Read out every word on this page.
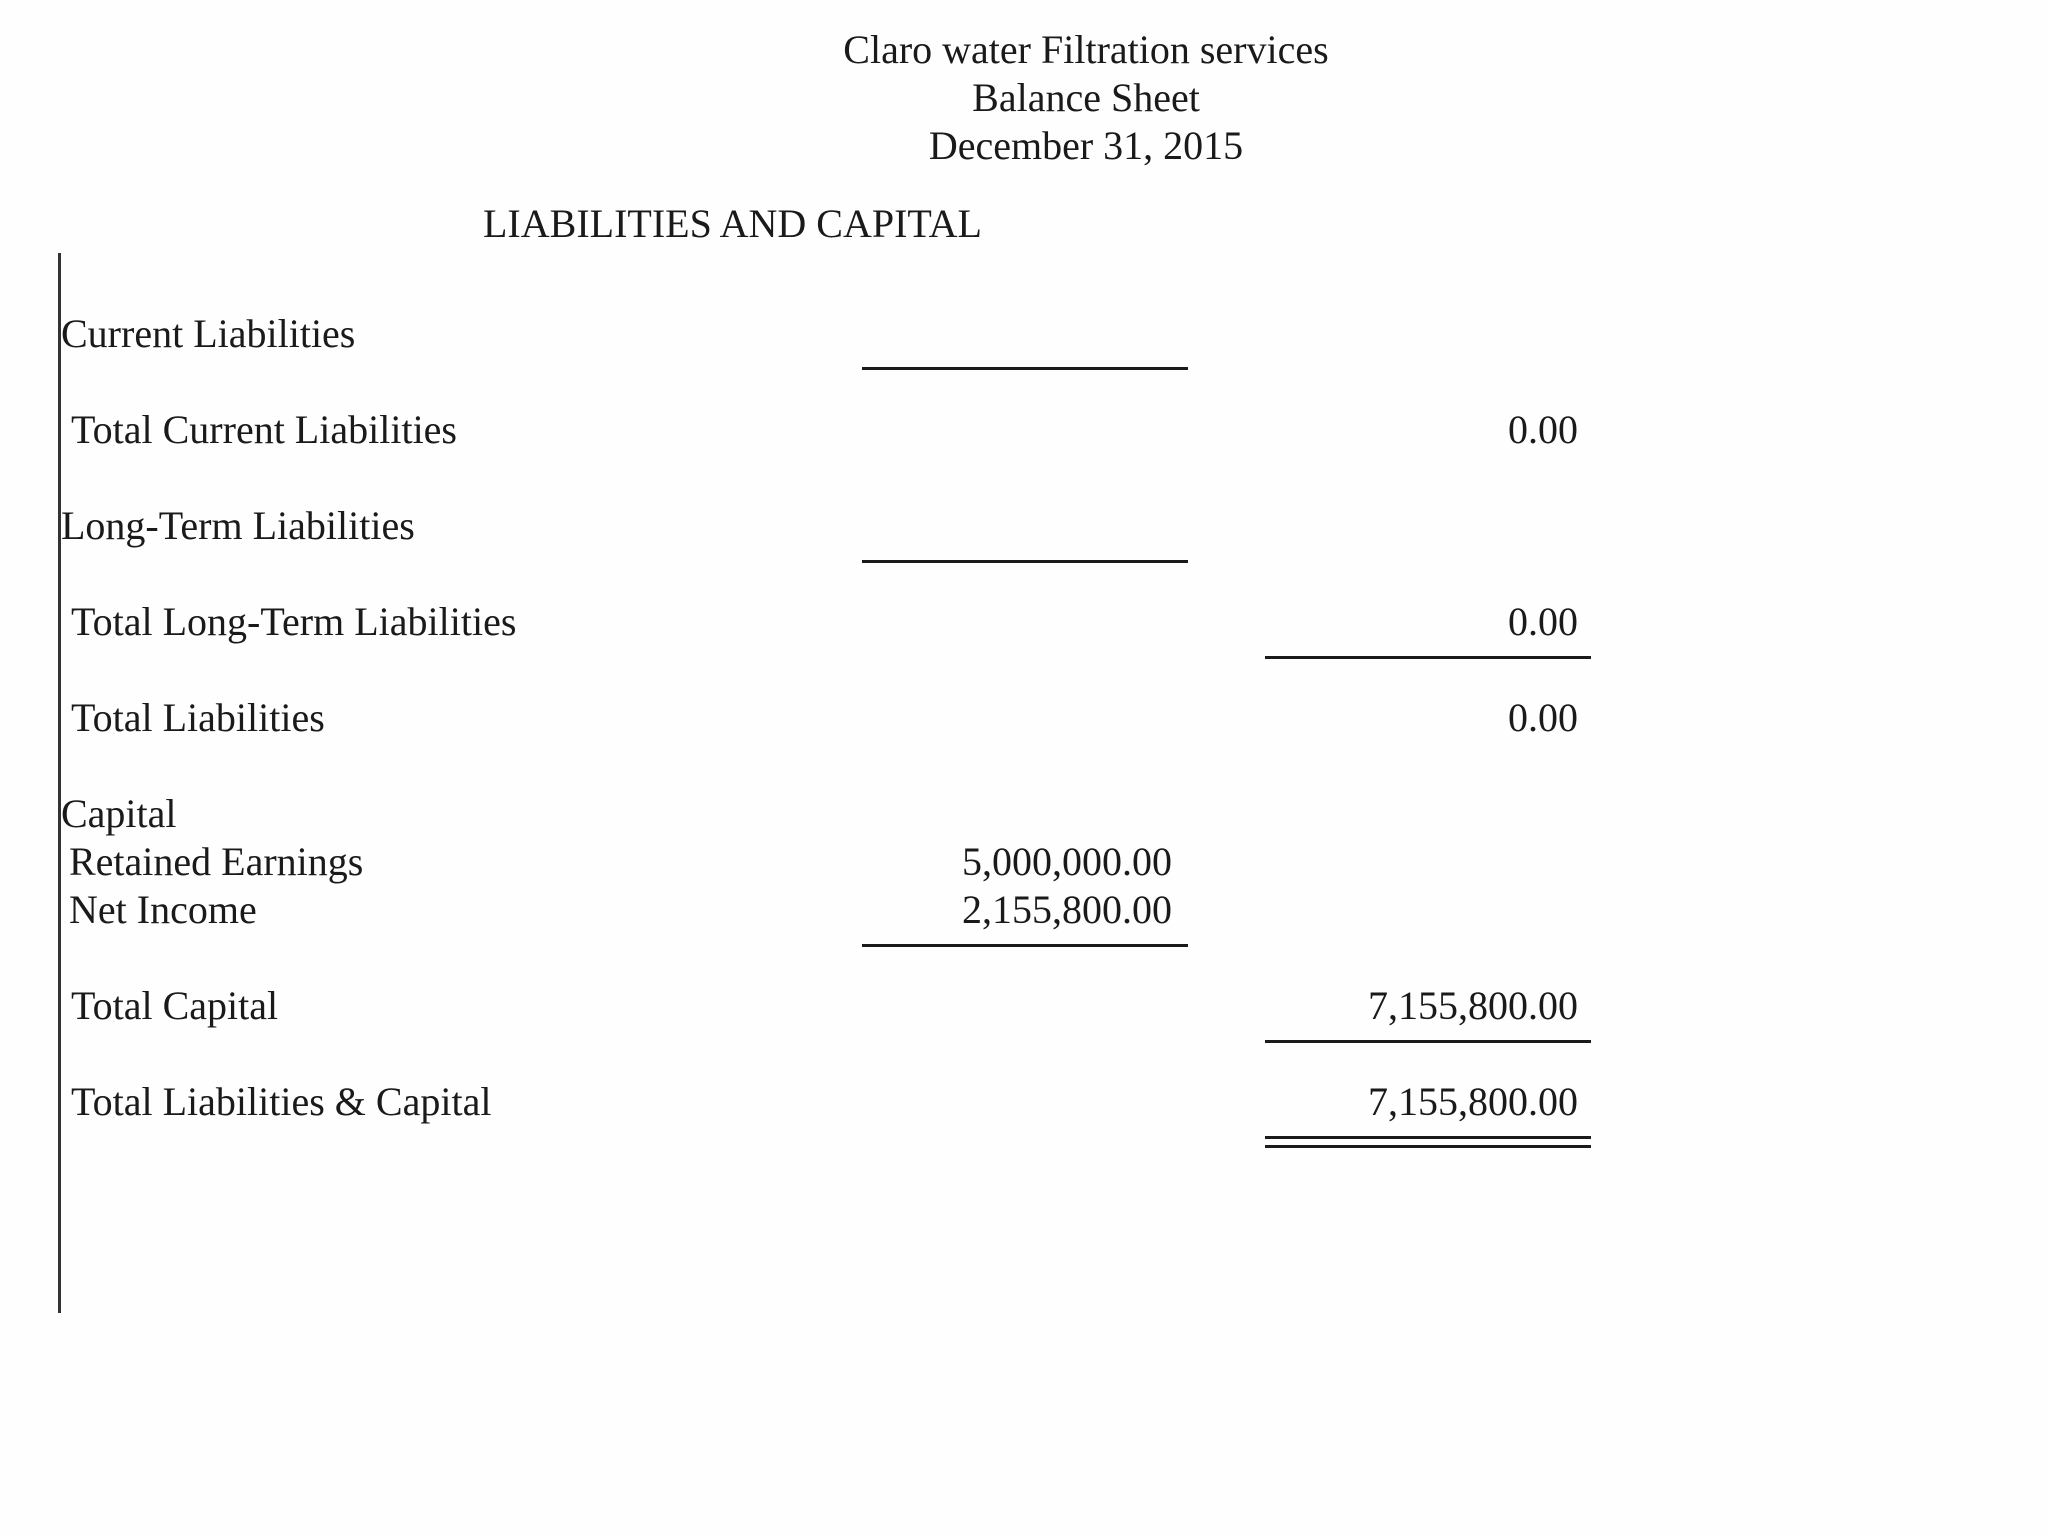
Claro water Filtration services
Balance Sheet
December 31, 2015
LIABILITIES AND CAPITAL
Current Liabilities
Total Current Liabilities	0.00
Long-Term Liabilities
Total Long-Term Liabilities	0.00
Total Liabilities	0.00
Capital
Retained Earnings	5,000,000.00
Net Income	2,155,800.00
Total Capital	7,155,800.00
Total Liabilities & Capital	7,155,800.00
